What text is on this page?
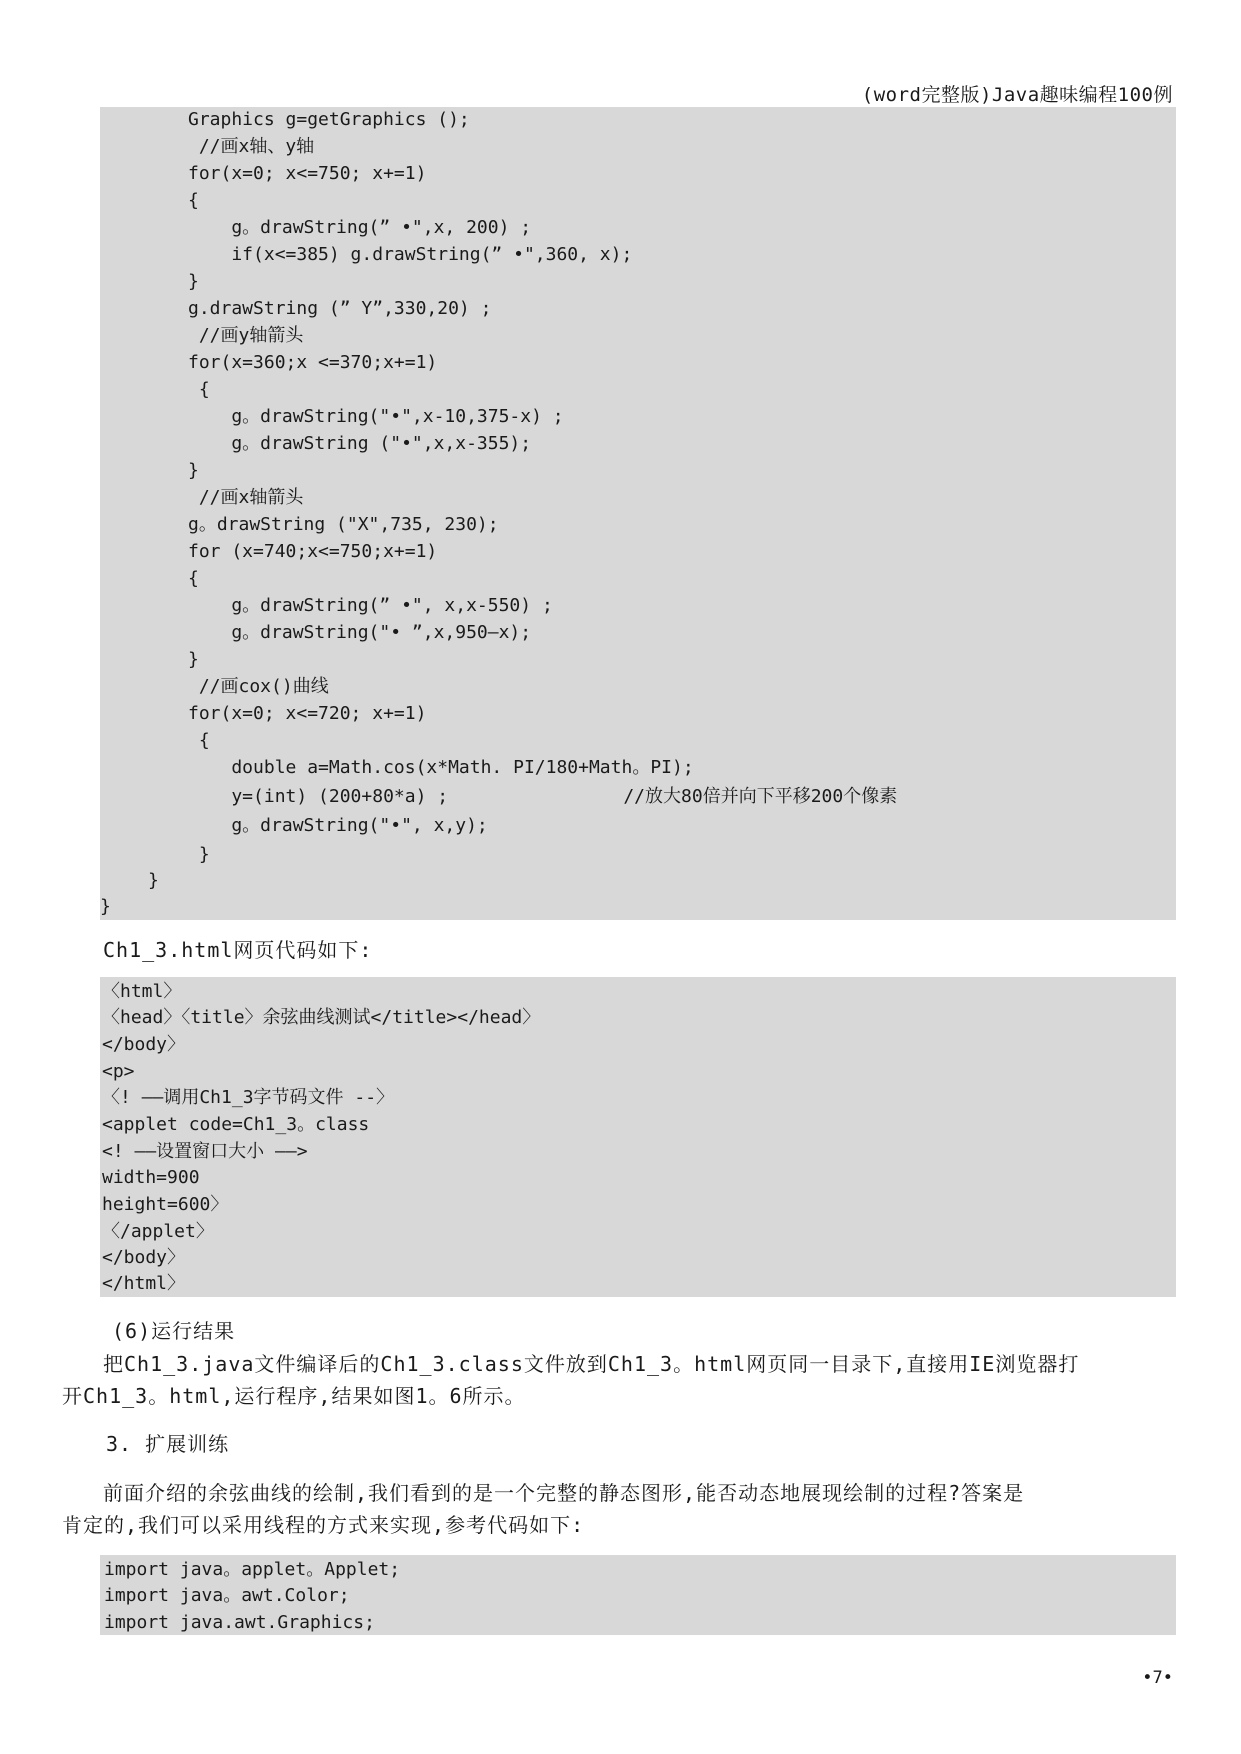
(word完整版)Java趣味编程100例
Graphics g=getGraphics ();
//画x轴、y轴
for(x=0; x<=750; x+=1)
{
g。drawString(” •",x, 200) ;
if(x<=385) g.drawString(” •",360, x);
}
g.drawString (” Y”,330,20) ;
//画y轴箭头
for(x=360;x <=370;x+=1)
{
g。drawString("•",x-10,375-x) ;
g。drawString ("•",x,x-355);
}
//画x轴箭头
g。drawString ("X",735, 230);
for (x=740;x<=750;x+=1)
{
g。drawString(” •", x,x-550) ;
g。drawString("• ”,x,950—x);
}
//画cox()曲线
for(x=0; x<=720; x+=1)
{
double a=Math.cos(x*Math. PI/180+Math。PI);
y=(int) (200+80*a) ;	//放大80倍并向下平移200个像素
g。drawString("•", x,y);
}
}
}
Ch1_3.html网页代码如下:
〈html〉
〈head〉〈title〉余弦曲线测试</title></head〉
</body〉
<p>
〈! ——调用Ch1_3字节码文件 --〉
<applet code=Ch1_3。class
<! ——设置窗口大小 ——>
width=900
height=600〉
〈/applet〉
</body〉
</html〉
(6)运行结果
把Ch1_3.java文件编译后的Ch1_3.class文件放到Ch1_3。html网页同一目录下,直接用IE浏览器打
开Ch1_3。html,运行程序,结果如图1。6所示。
3. 扩展训练
前面介绍的余弦曲线的绘制,我们看到的是一个完整的静态图形,能否动态地展现绘制的过程?答案是
肯定的,我们可以采用线程的方式来实现,参考代码如下:
import java。applet。Applet;
import java。awt.Color;
import java.awt.Graphics;
•7•
